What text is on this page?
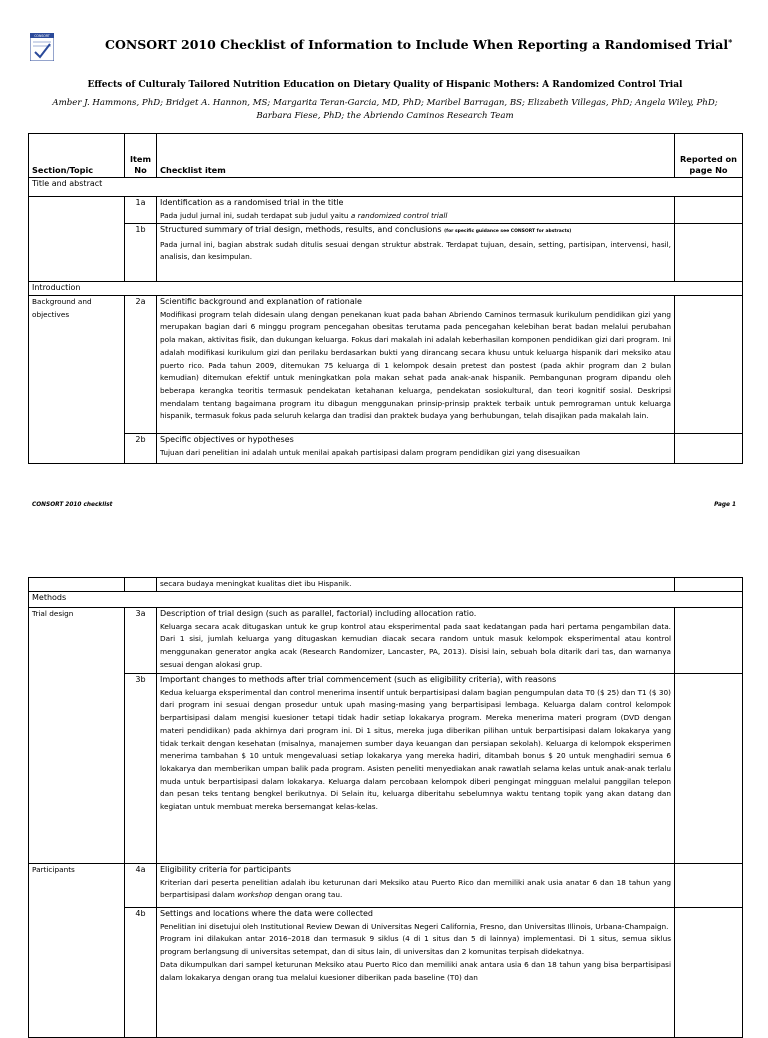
CONSORT
CONSORT 2010 Checklist of Information to Include When Reporting a Randomised Trial*
Effects of Culturaly Tailored Nutrition Education on Dietary Quality of Hispanic Mothers: A Randomized Control Trial
Amber J. Hammons, PhD; Bridget A. Hannon, MS; Margarita Teran-Garcia, MD, PhD; Maribel Barragan, BS; Elizabeth Villegas, PhD; Angela Wiley, PhD; Barbara Fiese, PhD; the Abriendo Caminos Research Team
Section/Topic	Item No	Checklist item	Reported on page No
Title and abstract			
	1a	Identification as a randomised trial in the title
Pada judul jurnal ini, sudah terdapat sub judul yaitu a randomized control triall	

	1b	Structured summary of trial design, methods, results, and conclusions (for specific guidance see CONSORT for abstracts)
Pada jurnal ini, bagian abstrak sudah ditulis sesuai dengan struktur abstrak. Terdapat tujuan, desain, setting, partisipan, intervensi, hasil, analisis, dan kesimpulan.	

Introduction			
Background and objectives	2a	Scientific background and explanation of rationale
Modifikasi program telah didesain ulang dengan penekanan kuat pada bahan Abriendo Caminos termasuk kurikulum pendidikan gizi yang merupakan bagian dari 6 minggu program pencegahan obesitas terutama pada pencegahan kelebihan berat badan melalui perubahan pola makan, aktivitas fisik, dan dukungan keluarga. Fokus dari makalah ini adalah keberhasilan komponen pendidikan gizi dari program. Ini adalah modifikasi kurikulum gizi dan perilaku berdasarkan bukti yang dirancang secara khusu untuk keluarga hispanik dari meksiko atau puerto rico. Pada tahun 2009, ditemukan 75 keluarga di 1 kelompok desain pretest dan postest (pada akhir program dan 2 bulan kemudian) ditemukan efektif untuk meningkatkan pola makan sehat pada anak-anak hispanik. Pembangunan program dipandu oleh beberapa kerangka teoritis termasuk pendekatan ketahanan keluarga, pendekatan sosiokultural, dan teori kognitif sosial. Deskripsi mendalam tentang bagaimana program itu dibagun menggunakan prinsip-prinsip praktek terbaik untuk pemrograman untuk keluarga hispanik, termasuk fokus pada seluruh kelarga dan tradisi dan praktek budaya yang berhubungan, telah disajikan pada makalah lain.	

	2b	Specific objectives or hypotheses
Tujuan dari penelitian ini adalah untuk menilai apakah partisipasi dalam program pendidikan gizi yang disesuaikan	

CONSORT 2010 checklist	Page 1
		secara budaya meningkat kualitas diet ibu Hispanik.	
Methods			
Trial design	3a	Description of trial design (such as parallel, factorial) including allocation ratio.
Keluarga secara acak ditugaskan untuk ke grup kontrol atau eksperimental pada saat kedatangan pada hari pertama pengambilan data. Dari 1 sisi, jumlah keluarga yang ditugaskan kemudian diacak secara random untuk masuk kelompok eksperimental atau kontrol menggunakan generator angka acak (Research Randomizer, Lancaster, PA, 2013). Disisi lain, sebuah bola ditarik dari tas, dan warnanya sesuai dengan alokasi grup.	

	3b	Important changes to methods after trial commencement (such as eligibility criteria), with reasons
Kedua keluarga eksperimental dan control menerima insentif untuk berpartisipasi dalam bagian pengumpulan data T0 ($ 25) dan T1 ($ 30) dari program ini sesuai dengan prosedur untuk upah masing-masing yang berpartisipasi lembaga. Keluarga dalam control kelompok berpartisipasi dalam mengisi kuesioner tetapi tidak hadir setiap lokakarya program. Mereka menerima materi program (DVD dengan materi pendidikan) pada akhirnya dari program ini. Di 1 situs, mereka juga diberikan pilihan untuk berpartisipasi dalam lokakarya yang tidak terkait dengan kesehatan (misalnya, manajemen sumber daya keuangan dan persiapan sekolah). Keluarga di kelompok eksperimen menerima tambahan $ 10 untuk mengevaluasi setiap lokakarya yang mereka hadiri, ditambah bonus $ 20 untuk menghadiri semua 6 lokakarya dan memberikan umpan balik pada program. Asisten peneliti menyediakan anak rawatlah selama kelas untuk anak-anak terlalu muda untuk berpartisipasi dalam lokakarya. Keluarga dalam percobaan kelompok diberi pengingat mingguan melalui panggilan telepon dan pesan teks tentang bengkel berikutnya. Di Selain itu, keluarga diberitahu sebelumnya waktu tentang topik yang akan datang dan kegiatan untuk membuat mereka bersemangat kelas-kelas.	

Participants	4a	Eligibility criteria for participants
Kriterian dari peserta penelitian adalah ibu keturunan dari Meksiko atau Puerto Rico dan memiliki anak usia anatar 6 dan 18 tahun yang berpartisipasi dalam workshop dengan orang tau.	

	4b	Settings and locations where the data were collected
Penelitian ini disetujui oleh Institutional Review Dewan di Universitas Negeri California, Fresno, dan Universitas Illinois, Urbana-Champaign.
Program ini dilakukan antar 2016–2018 dan termasuk 9 siklus (4 di 1 situs dan 5 di lainnya) implementasi. Di 1 situs, semua siklus program berlangsung di universitas setempat, dan di situs lain, di universitas dan 2 komunitas terpisah didekatnya.
Data dikumpulkan dari sampel keturunan Meksiko atau Puerto Rico dan memiliki anak antara usia 6 dan 18 tahun yang bisa berpartisipasi dalam lokakarya dengan orang tua melalui kuesioner diberikan pada baseline (T0) dan	
